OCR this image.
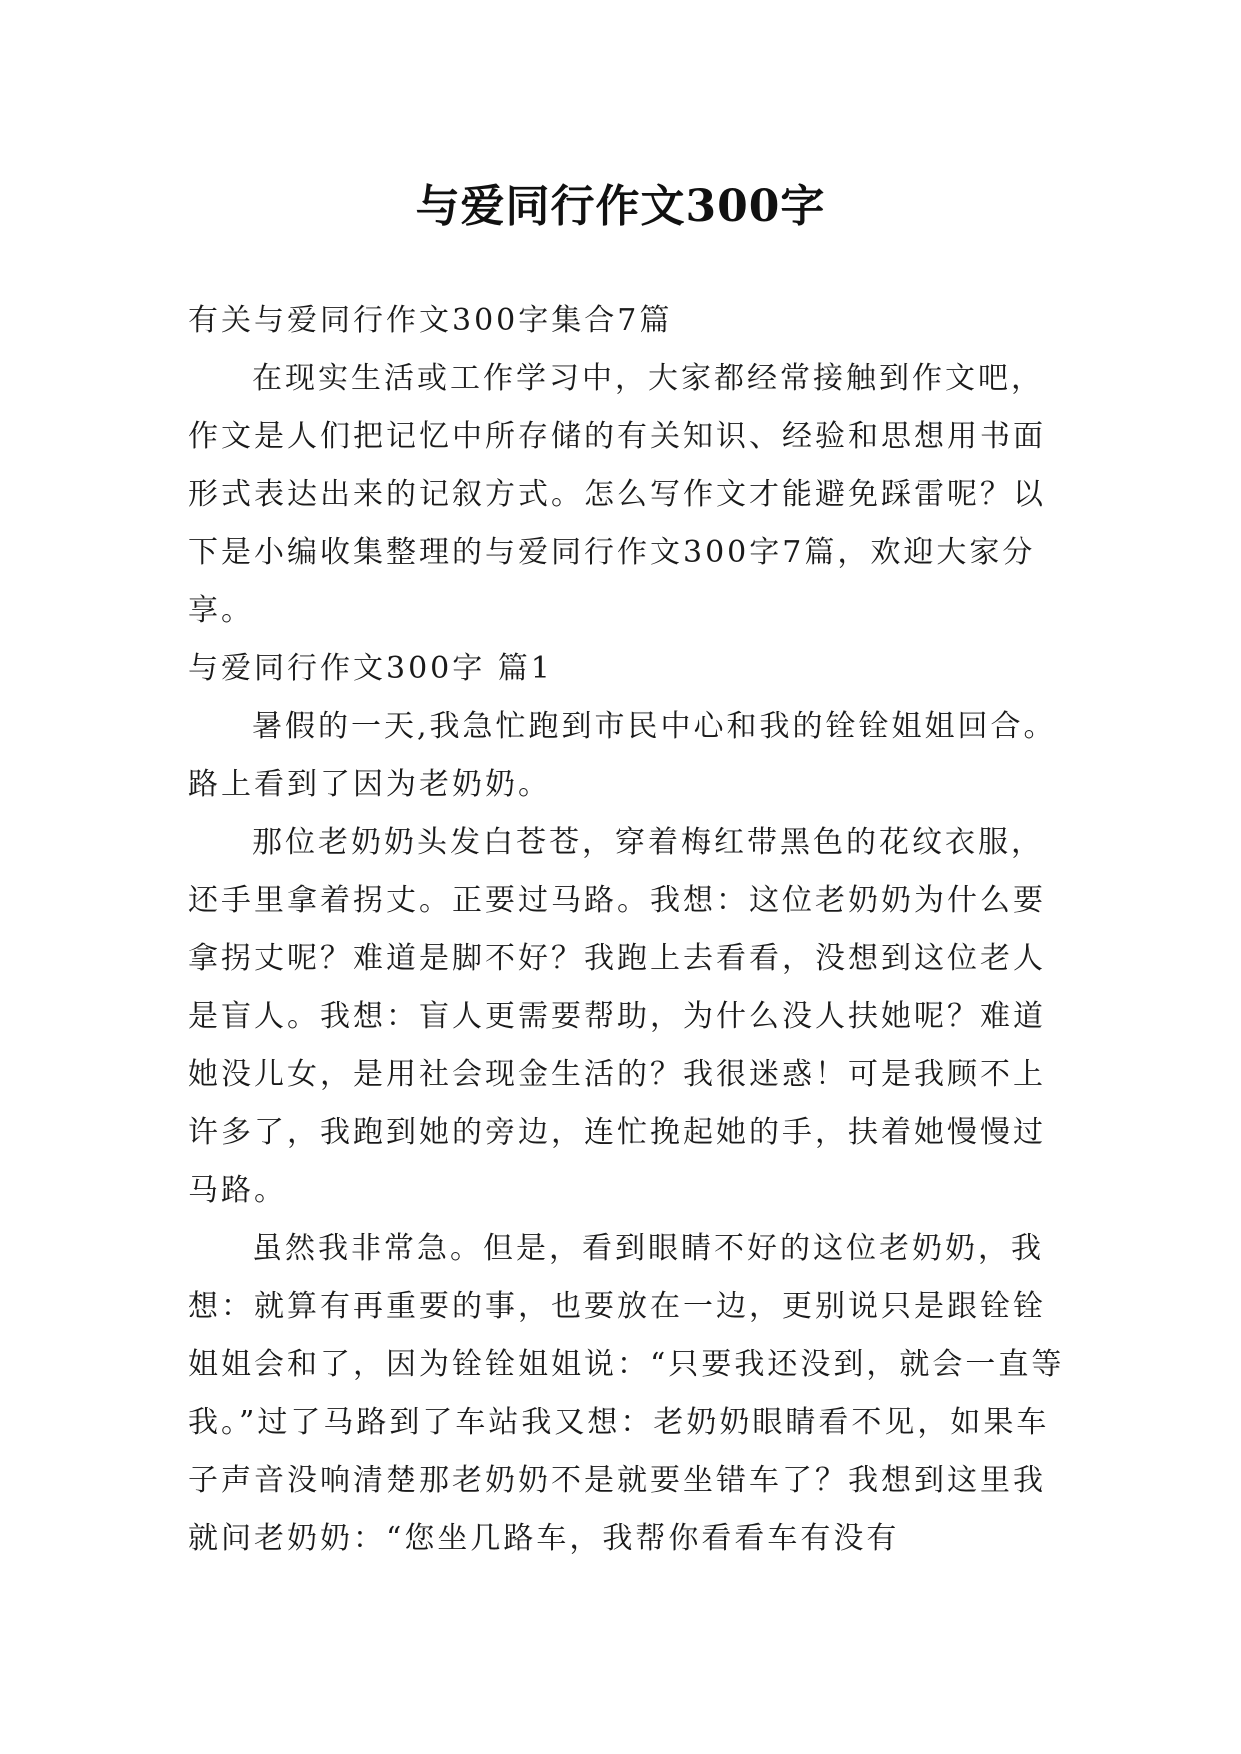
与爱同行作文300字

有关与爱同行作文300字集合7篇

在现实生活或工作学习中，大家都经常接触到作文吧，作文是人们把记忆中所存储的有关知识、经验和思想用书面形式表达出来的记叙方式。怎么写作文才能避免踩雷呢？以下是小编收集整理的与爱同行作文300字7篇，欢迎大家分享。

与爱同行作文300字 篇1

暑假的一天,我急忙跑到市民中心和我的铨铨姐姐回合。路上看到了因为老奶奶。

那位老奶奶头发白苍苍，穿着梅红带黑色的花纹衣服，还手里拿着拐丈。正要过马路。我想：这位老奶奶为什么要拿拐丈呢？难道是脚不好？我跑上去看看，没想到这位老人是盲人。我想：盲人更需要帮助，为什么没人扶她呢？难道她没儿女，是用社会现金生活的？我很迷惑！可是我顾不上许多了，我跑到她的旁边，连忙挽起她的手，扶着她慢慢过马路。

虽然我非常急。但是，看到眼睛不好的这位老奶奶，我想：就算有再重要的事，也要放在一边，更别说只是跟铨铨姐姐会和了，因为铨铨姐姐说：“只要我还没到，就会一直等我。”过了马路到了车站我又想：老奶奶眼睛看不见，如果车子声音没响清楚那老奶奶不是就要坐错车了？我想到这里我就问老奶奶：“您坐几路车，我帮你看看车有没有
